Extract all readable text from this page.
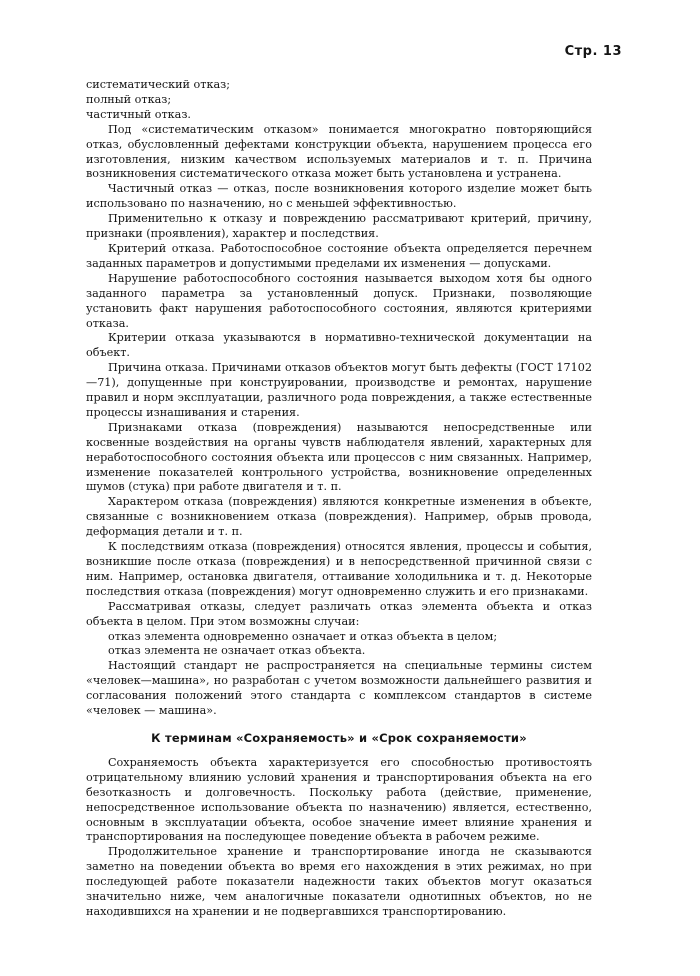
Стр. 13

систематический отказ;

полный отказ;

частичный отказ.

Под «систематическим отказом» понимается многократно повторяющийся отказ, обусловленный дефектами конструкции объекта, нарушением процесса его изготовления, низким качеством используемых материалов и т. п. Причина возникновения систематического отказа может быть установлена и устранена.

Частичный отказ — отказ, после возникновения которого изделие может быть использовано по назначению, но с меньшей эффективностью.

Применительно к отказу и повреждению рассматривают критерий, причину, признаки (проявления), характер и последствия.

Критерий отказа. Работоспособное состояние объекта определяется перечнем заданных параметров и допустимыми пределами их изменения — допусками.

Нарушение работоспособного состояния называется выходом хотя бы одного заданного параметра за установленный допуск. Признаки, позволяющие установить факт нарушения работоспособного состояния, являются критериями отказа.

Критерии отказа указываются в нормативно-технической документации на объект.

Причина отказа. Причинами отказов объектов могут быть дефекты (ГОСТ 17102—71), допущенные при конструировании, производстве и ремонтах, нарушение правил и норм эксплуатации, различного рода повреждения, а также естественные процессы изнашивания и старения.

Признаками отказа (повреждения) называются непосредственные или косвенные воздействия на органы чувств наблюдателя явлений, характерных для неработоспособного состояния объекта или процессов с ним связанных. Например, изменение показателей контрольного устройства, возникновение определенных шумов (стука) при работе двигателя и т. п.

Характером отказа (повреждения) являются конкретные изменения в объекте, связанные с возникновением отказа (повреждения). Например, обрыв провода, деформация детали и т. п.

К последствиям отказа (повреждения) относятся явления, процессы и события, возникшие после отказа (повреждения) и в непосредственной причинной связи с ним. Например, остановка двигателя, оттаивание холодильника и т. д. Некоторые последствия отказа (повреждения) могут одновременно служить и его признаками.

Рассматривая отказы, следует различать отказ элемента объекта и отказ объекта в целом. При этом возможны случаи:

отказ элемента одновременно означает и отказ объекта в целом;

отказ элемента не означает отказ объекта.

Настоящий стандарт не распространяется на специальные термины систем «человек—машина», но разработан с учетом возможности дальнейшего развития и согласования положений этого стандарта с комплексом стандартов в системе «человек — машина».

К терминам «Сохраняемость» и «Срок сохраняемости»

Сохраняемость объекта характеризуется его способностью противостоять отрицательному влиянию условий хранения и транспортирования объекта на его безотказность и долговечность. Поскольку работа (действие, применение, непосредственное использование объекта по назначению) является, естественно, основным в эксплуатации объекта, особое значение имеет влияние хранения и транспортирования на последующее поведение объекта в рабочем режиме.

Продолжительное хранение и транспортирование иногда не сказываются заметно на поведении объекта во время его нахождения в этих режимах, но при последующей работе показатели надежности таких объектов могут оказаться значительно ниже, чем аналогичные показатели однотипных объектов, но не находившихся на хранении и не подвергавшихся транспортированию.
